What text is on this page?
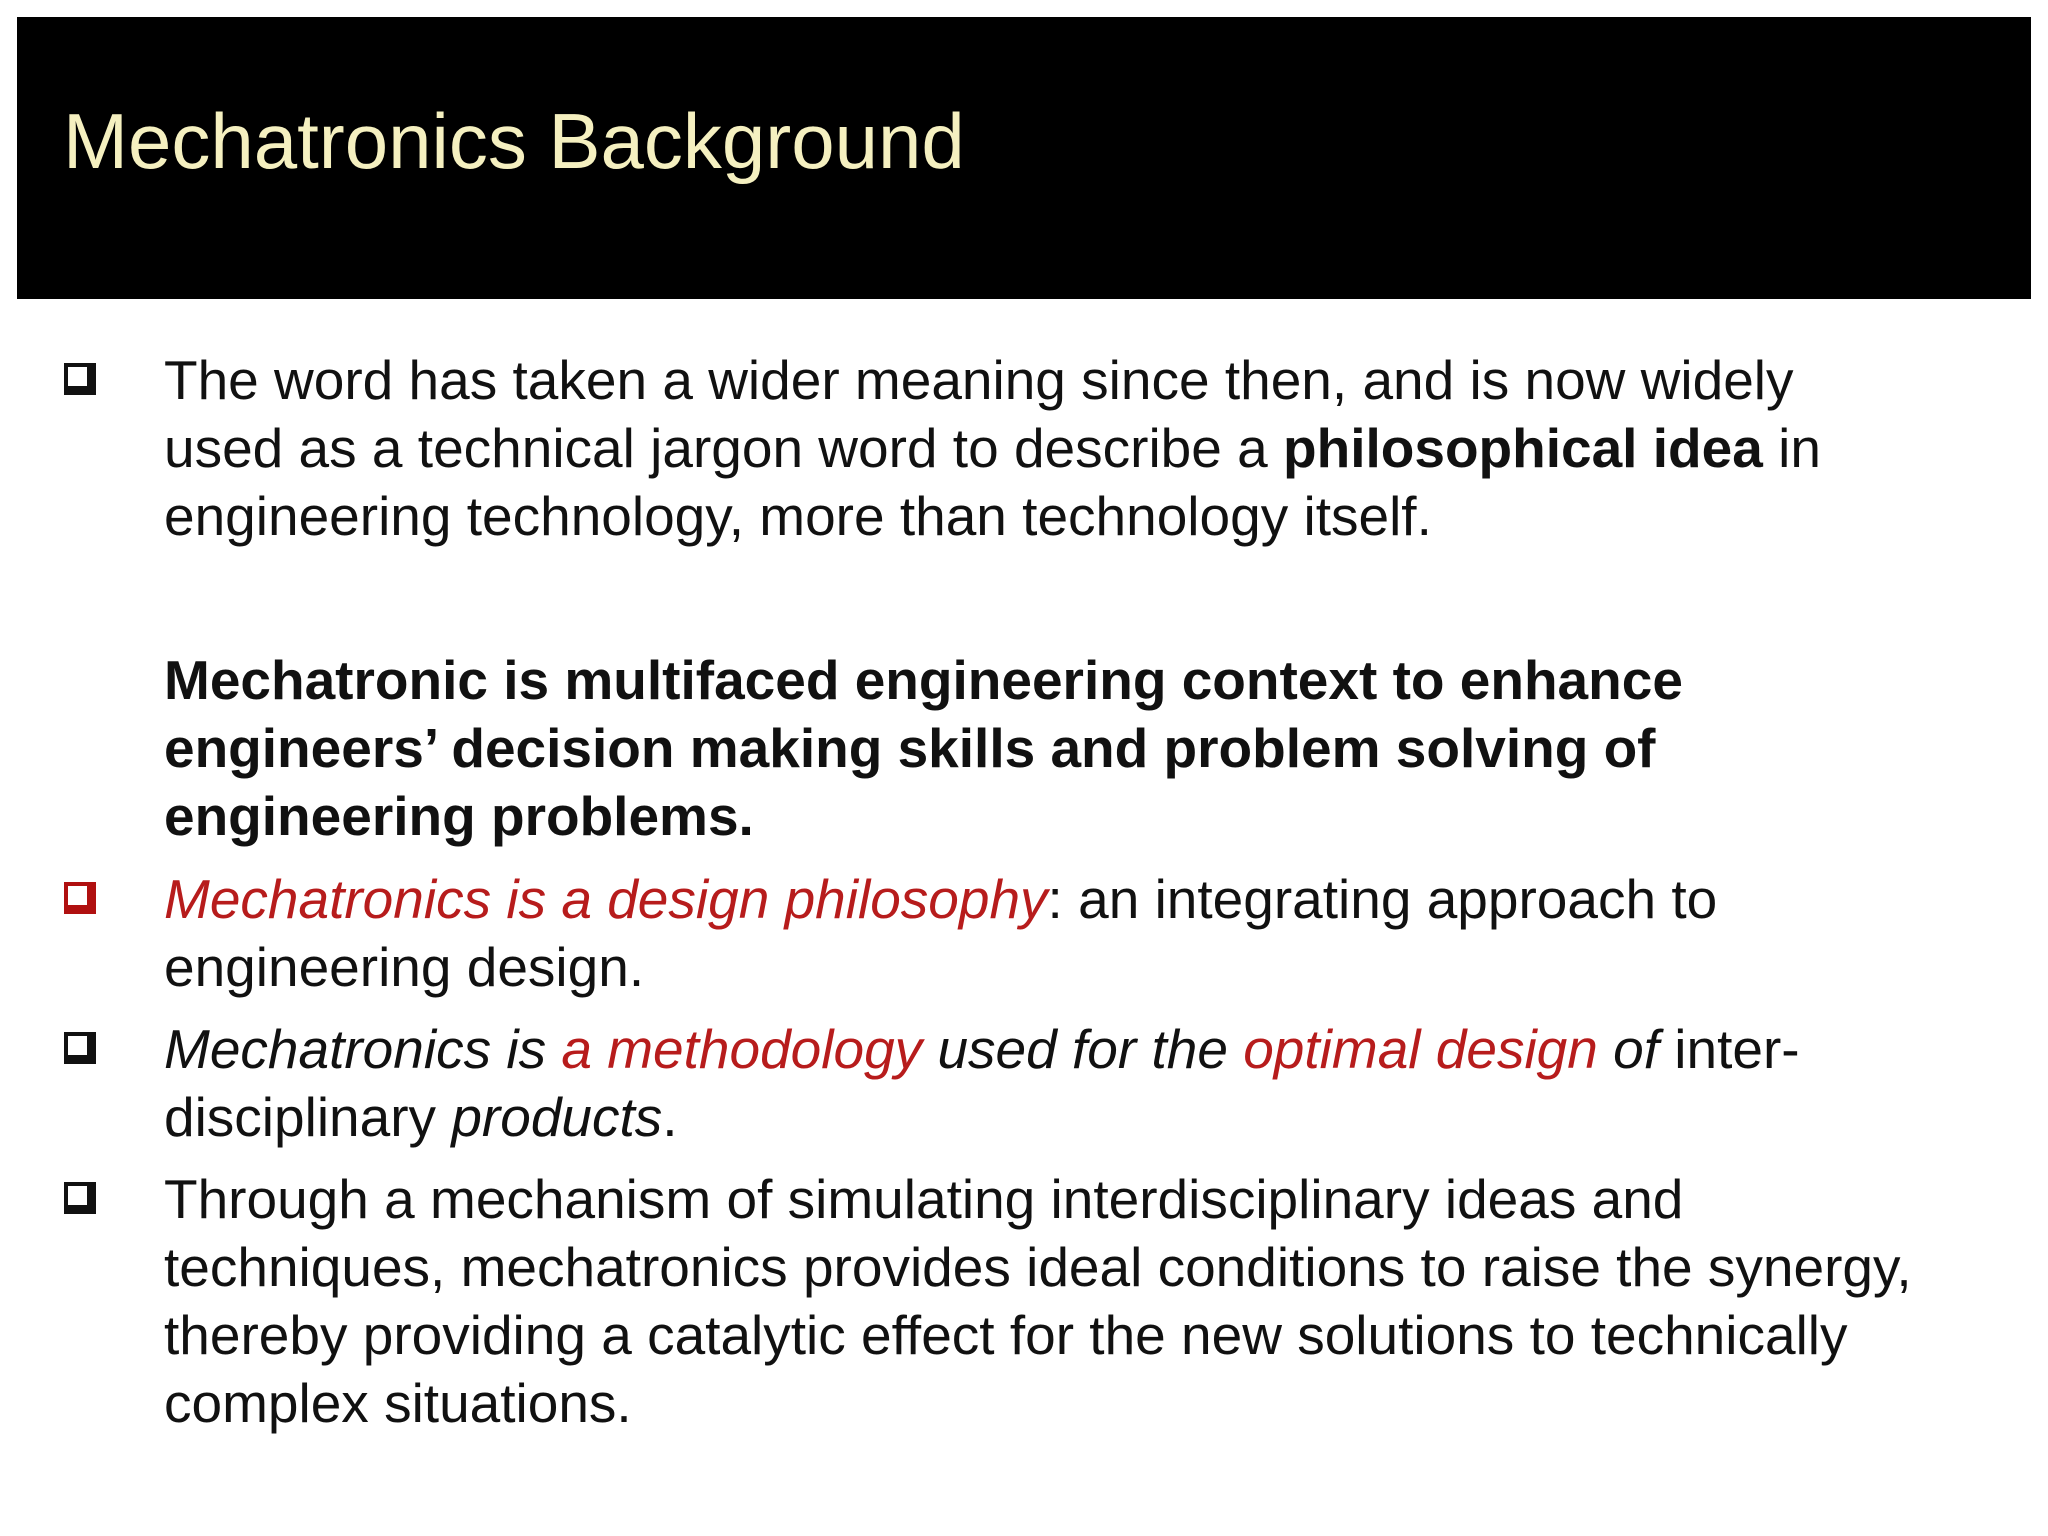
Mechatronics Background

The word has taken a wider meaning since then, and is now widely used as a technical jargon word to describe a philosophical idea in engineering technology, more than technology itself.

Mechatronic is multifaced engineering context to enhance engineers’ decision making skills and problem solving of engineering problems.

Mechatronics is a design philosophy: an integrating approach to engineering design.

Mechatronics is a methodology used for the optimal design of inter-disciplinary products.

Through a mechanism of simulating interdisciplinary ideas and techniques, mechatronics provides ideal conditions to raise the synergy, thereby providing a catalytic effect for the new solutions to technically complex situations.
